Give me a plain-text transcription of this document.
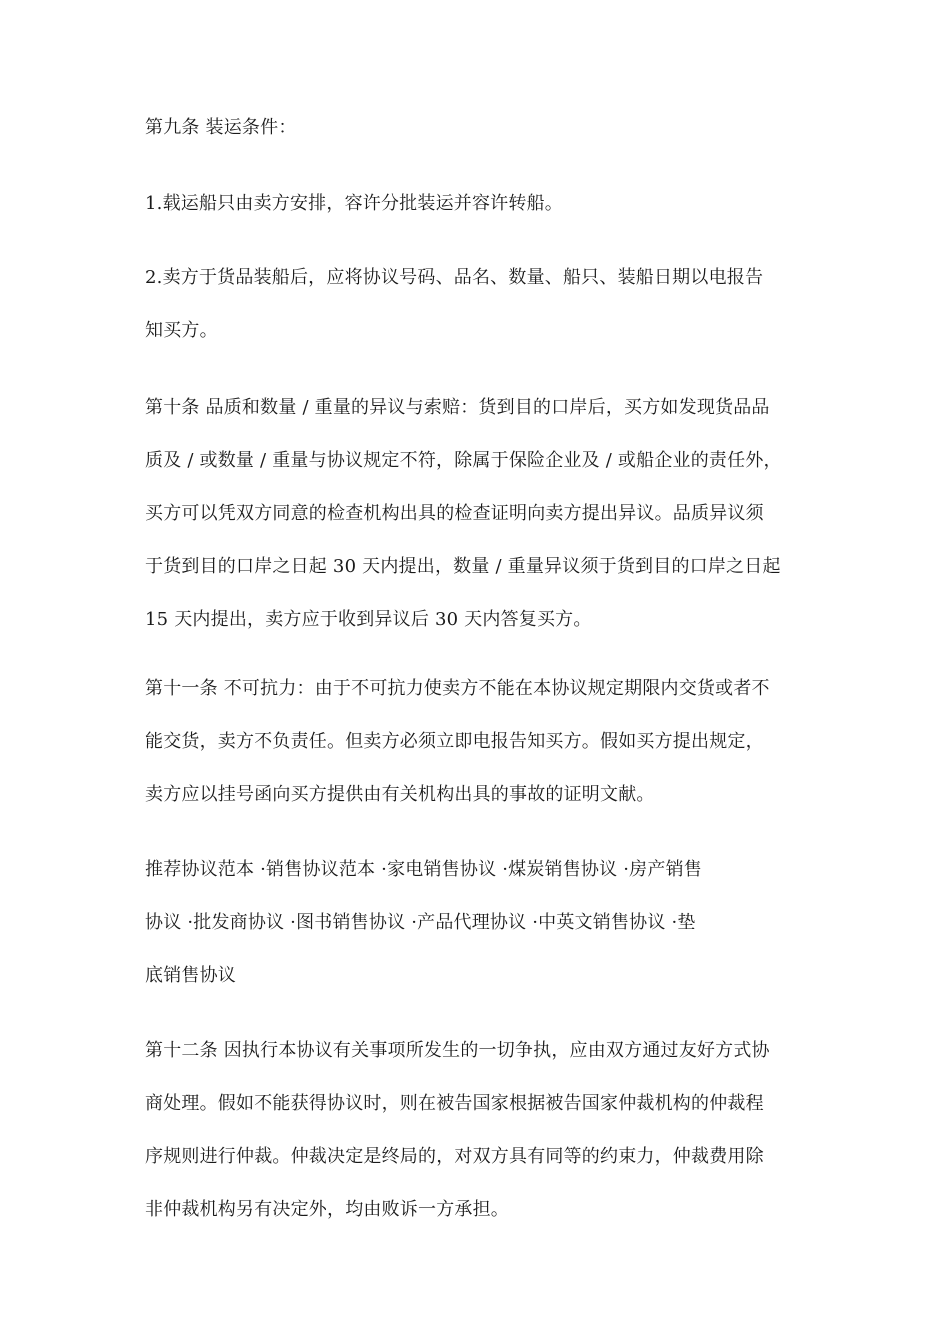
第九条 装运条件：

1.载运船只由卖方安排，容许分批装运并容许转船。

2.卖方于货品装船后，应将协议号码、品名、数量、船只、装船日期以电报告
知买方。

第十条 品质和数量 / 重量的异议与索赔：货到目的口岸后，买方如发现货品品
质及 / 或数量 / 重量与协议规定不符，除属于保险企业及 / 或船企业的责任外，
买方可以凭双方同意的检查机构出具的检查证明向卖方提出异议。品质异议须
于货到目的口岸之日起 30 天内提出，数量 / 重量异议须于货到目的口岸之日起
15 天内提出，卖方应于收到异议后 30 天内答复买方。

第十一条 不可抗力：由于不可抗力使卖方不能在本协议规定期限内交货或者不
能交货，卖方不负责任。但卖方必须立即电报告知买方。假如买方提出规定，
卖方应以挂号函向买方提供由有关机构出具的事故的证明文献。

推荐协议范本 ·销售协议范本 ·家电销售协议 ·煤炭销售协议 ·房产销售
协议 ·批发商协议 ·图书销售协议 ·产品代理协议 ·中英文销售协议 ·垫
底销售协议

第十二条 因执行本协议有关事项所发生的一切争执，应由双方通过友好方式协
商处理。假如不能获得协议时，则在被告国家根据被告国家仲裁机构的仲裁程
序规则进行仲裁。仲裁决定是终局的，对双方具有同等的约束力，仲裁费用除
非仲裁机构另有决定外，均由败诉一方承担。
